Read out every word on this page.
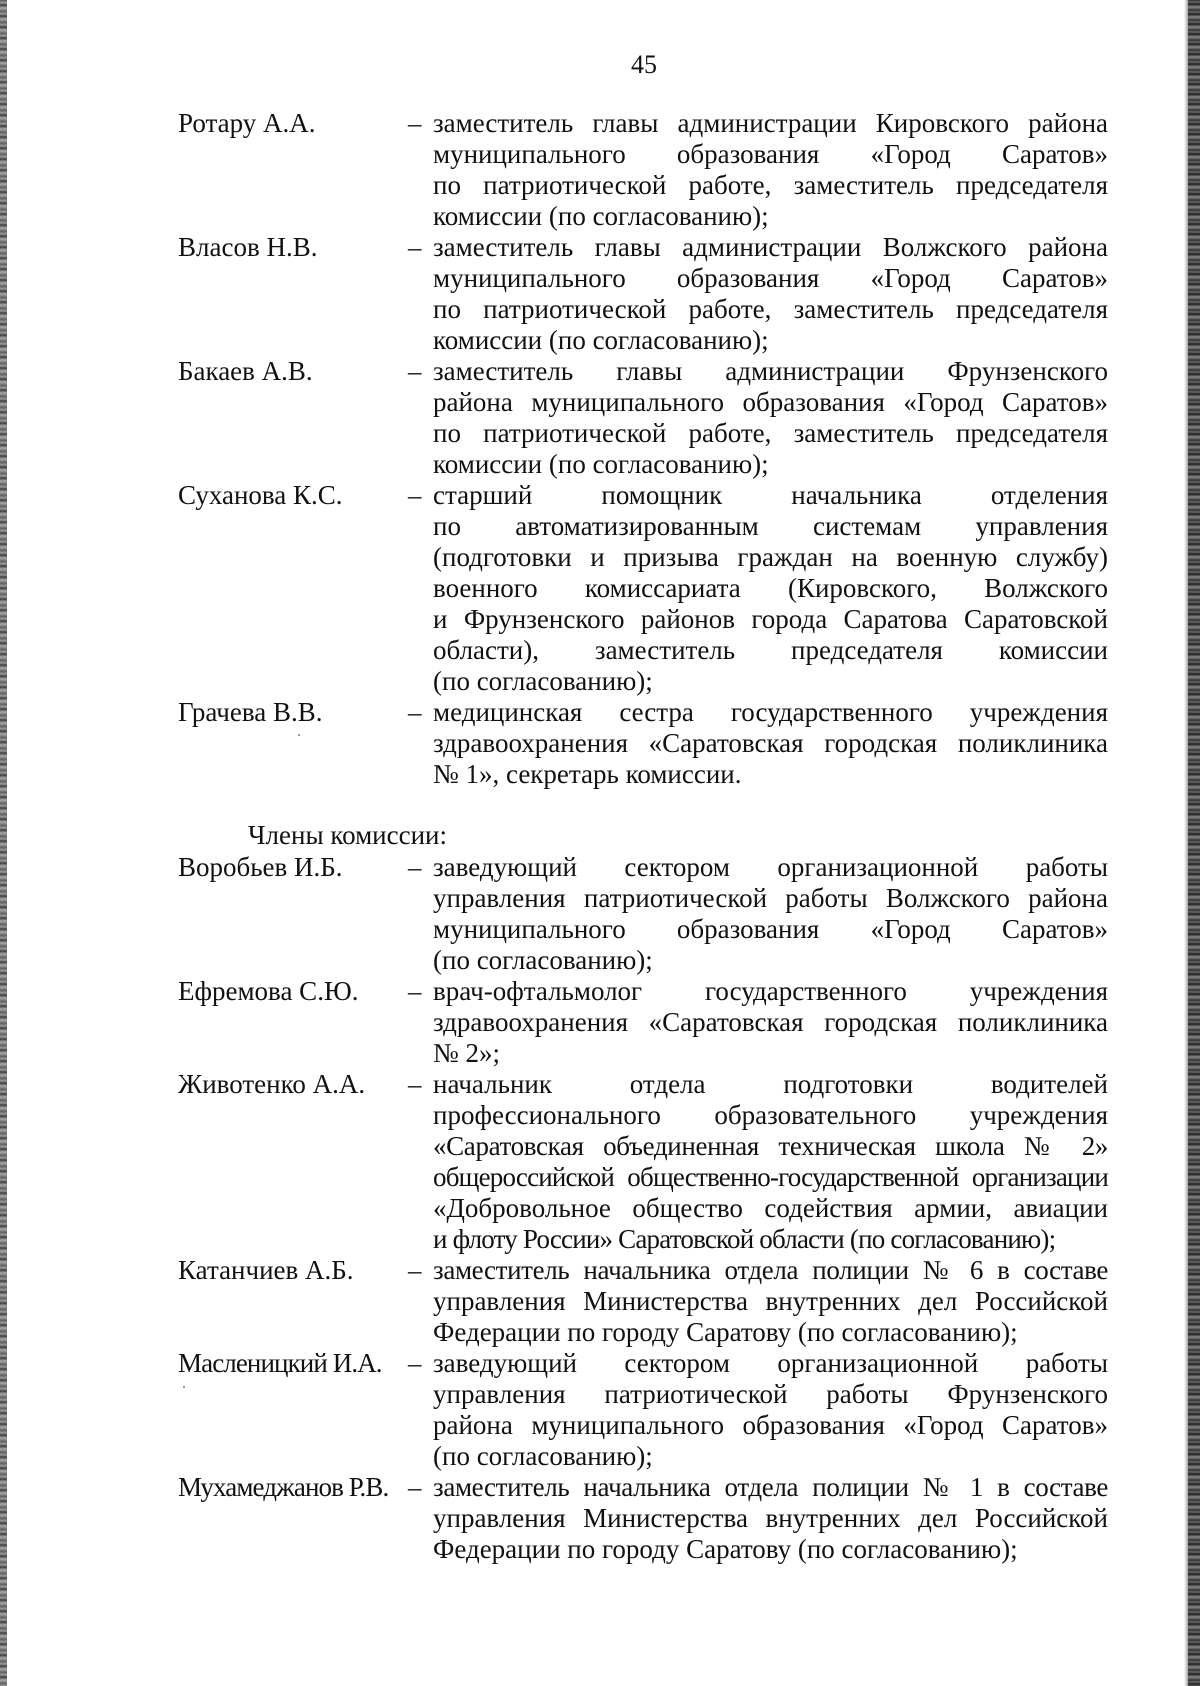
45
Ротару А.А.	– заместитель главы администрации Кировского района
муниципального образования «Город Саратов»
по патриотической работе, заместитель председателя
комиссии (по согласованию);
Власов Н.В.	– заместитель главы администрации Волжского района
муниципального образования «Город Саратов»
по патриотической работе, заместитель председателя
комиссии (по согласованию);
Бакаев А.В.	– заместитель главы администрации Фрунзенского
района муниципального образования «Город Саратов»
по патриотической работе, заместитель председателя
комиссии (по согласованию);
Суханова К.С.	– старший помощник начальника отделения
по автоматизированным системам управления
(подготовки и призыва граждан на военную службу)
военного комиссариата (Кировского, Волжского
и Фрунзенского районов города Саратова Саратовской
области), заместитель председателя комиссии
(по согласованию);
Грачева В.В.	– медицинская сестра государственного учреждения
здравоохранения «Саратовская городская поликлиника
№ 1», секретарь комиссии.
Члены комиссии:
Воробьев И.Б.	– заведующий сектором организационной работы
управления патриотической работы Волжского района
муниципального образования «Город Саратов»
(по согласованию);
Ефремова С.Ю.	– врач-офтальмолог государственного учреждения
здравоохранения «Саратовская городская поликлиника
№ 2»;
Животенко А.А.	– начальник отдела подготовки водителей
профессионального образовательного учреждения
«Саратовская объединенная техническая школа № 2»
общероссийской общественно-государственной организации
«Добровольное общество содействия армии, авиации
и флоту России» Саратовской области (по согласованию);
Катанчиев А.Б.	– заместитель начальника отдела полиции № 6 в составе
управления Министерства внутренних дел Российской
Федерации по городу Саратову (по согласованию);
Масленицкий И.А. – заведующий сектором организационной работы
управления патриотической работы Фрунзенского
района муниципального образования «Город Саратов»
(по согласованию);
Мухамеджанов Р.В. – заместитель начальника отдела полиции № 1 в составе
управления Министерства внутренних дел Российской
Федерации по городу Саратову (по согласованию);
